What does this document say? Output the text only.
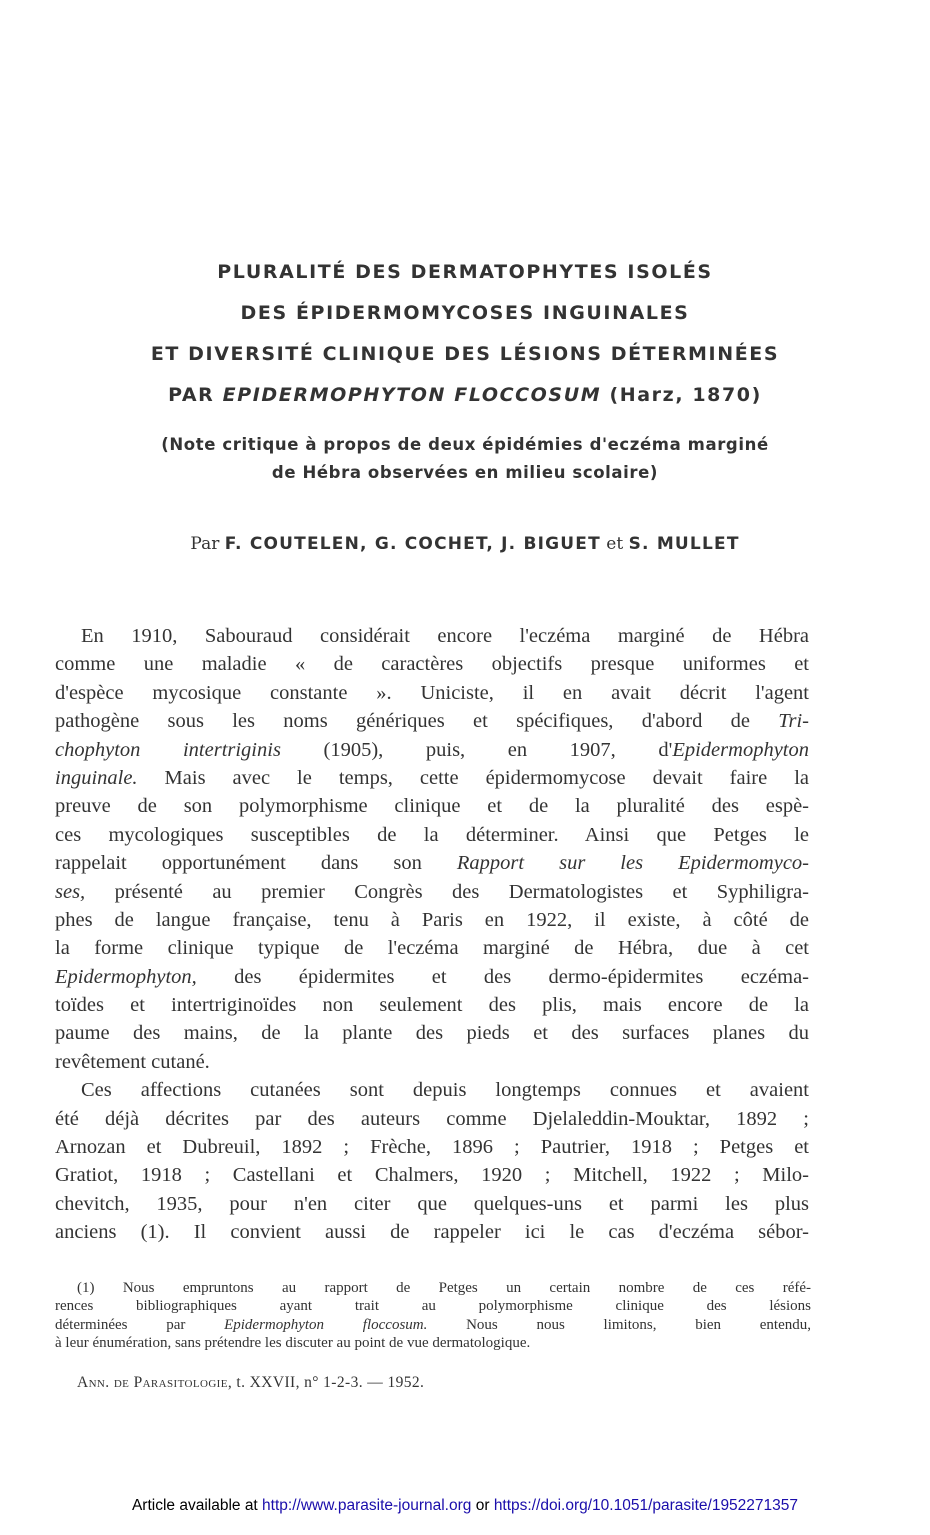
PLURALITÉ DES DERMATOPHYTES ISOLÉS
DES ÉPIDERMOMYCOSES INGUINALES
ET DIVERSITÉ CLINIQUE DES LÉSIONS DÉTERMINÉES
PAR EPIDERMOPHYTON FLOCCOSUM (Harz, 1870)
(Note critique à propos de deux épidémies d'eczéma marginé
de Hébra observées en milieu scolaire)
Par F. COUTELEN, G. COCHET, J. BIGUET et S. MULLET
En 1910, Sabouraud considérait encore l'eczéma marginé de Hébra
comme une maladie « de caractères objectifs presque uniformes et
d'espèce mycosique constante ». Uniciste, il en avait décrit l'agent
pathogène sous les noms génériques et spécifiques, d'abord de Tri-
chophyton intertriginis (1905), puis, en 1907, d'Epidermophyton
inguinale. Mais avec le temps, cette épidermomycose devait faire la
preuve de son polymorphisme clinique et de la pluralité des espè-
ces mycologiques susceptibles de la déterminer. Ainsi que Petges le
rappelait opportunément dans son Rapport sur les Epidermomyco-
ses, présenté au premier Congrès des Dermatologistes et Syphiligra-
phes de langue française, tenu à Paris en 1922, il existe, à côté de
la forme clinique typique de l'eczéma marginé de Hébra, due à cet
Epidermophyton, des épidermites et des dermo-épidermites eczéma-
toïdes et intertriginoïdes non seulement des plis, mais encore de la
paume des mains, de la plante des pieds et des surfaces planes du
revêtement cutané.
Ces affections cutanées sont depuis longtemps connues et avaient
été déjà décrites par des auteurs comme Djelaleddin-Mouktar, 1892 ;
Arnozan et Dubreuil, 1892 ; Frèche, 1896 ; Pautrier, 1918 ; Petges et
Gratiot, 1918 ; Castellani et Chalmers, 1920 ; Mitchell, 1922 ; Milo-
chevitch, 1935, pour n'en citer que quelques-uns et parmi les plus
anciens (1). Il convient aussi de rappeler ici le cas d'eczéma sébor-
(1) Nous empruntons au rapport de Petges un certain nombre de ces réfé-
rences bibliographiques ayant trait au polymorphisme clinique des lésions
déterminées par Epidermophyton floccosum. Nous nous limitons, bien entendu,
à leur énumération, sans prétendre les discuter au point de vue dermatologique.
Ann. de Parasitologie, t. XXVII, n° 1-2-3. — 1952.
Article available at http://www.parasite-journal.org or https://doi.org/10.1051/parasite/1952271357
